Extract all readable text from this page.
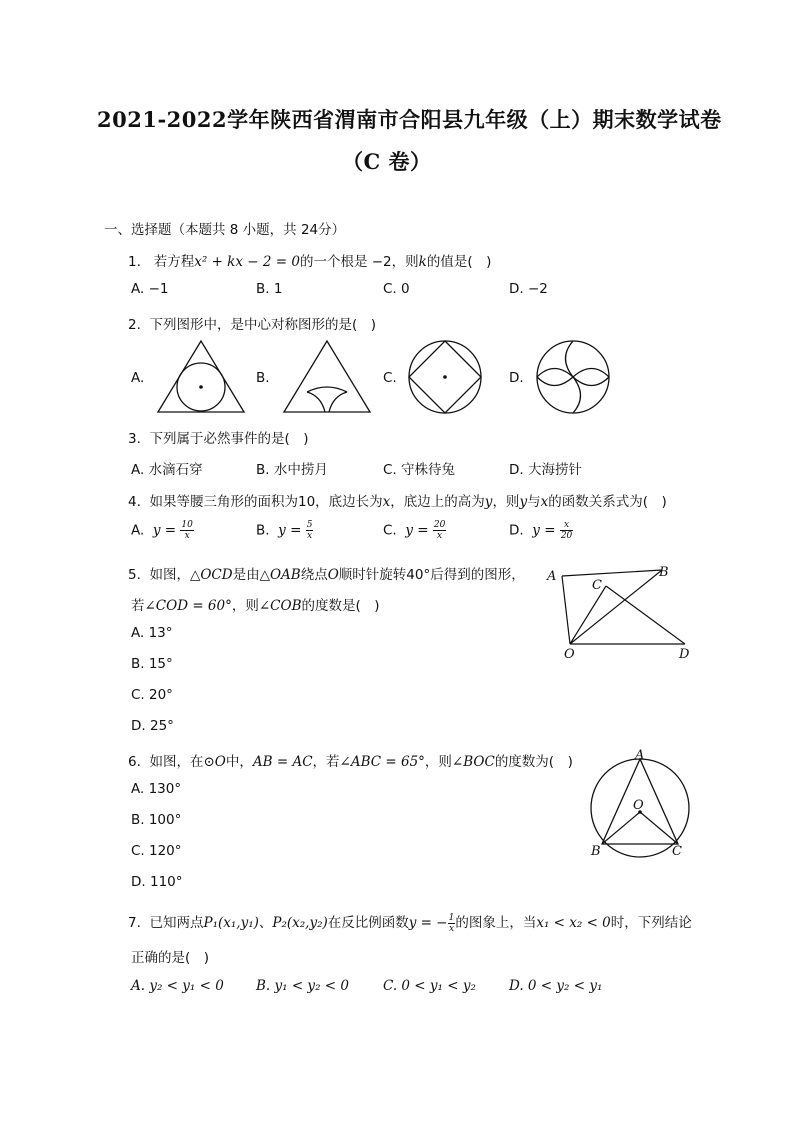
2021-2022学年陕西省渭南市合阳县九年级（上）期末数学试卷
（C 卷）
一、选择题（本题共 8 小题，共 24分）
1. 若方程x² + kx − 2 = 0的一个根是 −2，则k的值是(　)
A. −1	B. 1	C. 0	D. −2
2. 下列图形中，是中心对称图形的是(　)
A.	B.	C.	D.
3. 下列属于必然事件的是(　)
A. 水滴石穿	B. 水中捞月	C. 守株待兔	D. 大海捞针
4. 如果等腰三角形的面积为10，底边长为x，底边上的高为y，则y与x的函数关系式为(　)
A. $y = \frac{10}{x}$	B. $y = \frac{5}{x}$	C. $y = \frac{20}{x}$	D. $y = \frac{x}{20}$
5. 如图，△OCD是由△OAB绕点O顺时针旋转40°后得到的图形，
若∠COD = 60°，则∠COB的度数是(　)
A. 13°
B. 15°
C. 20°
D. 25°
A	B
C
O	D
6. 如图，在⊙O中，AB = AC，若∠ABC = 65°，则∠BOC的度数为(　)
A. 130°
B. 100°
C. 120°
D. 110°
A
O
B	C
7. 已知两点P₁(x₁,y₁)、P₂(x₂,y₂)在反比例函数y = − $\frac{1}{x}$ 的图象上，当x₁ < x₂ < 0时，下列结论
正确的是(　)
A. y₂ < y₁ < 0 B. y₁ < y₂ < 0	C. 0 < y₁ < y₂ D. 0 < y₂ < y₁
